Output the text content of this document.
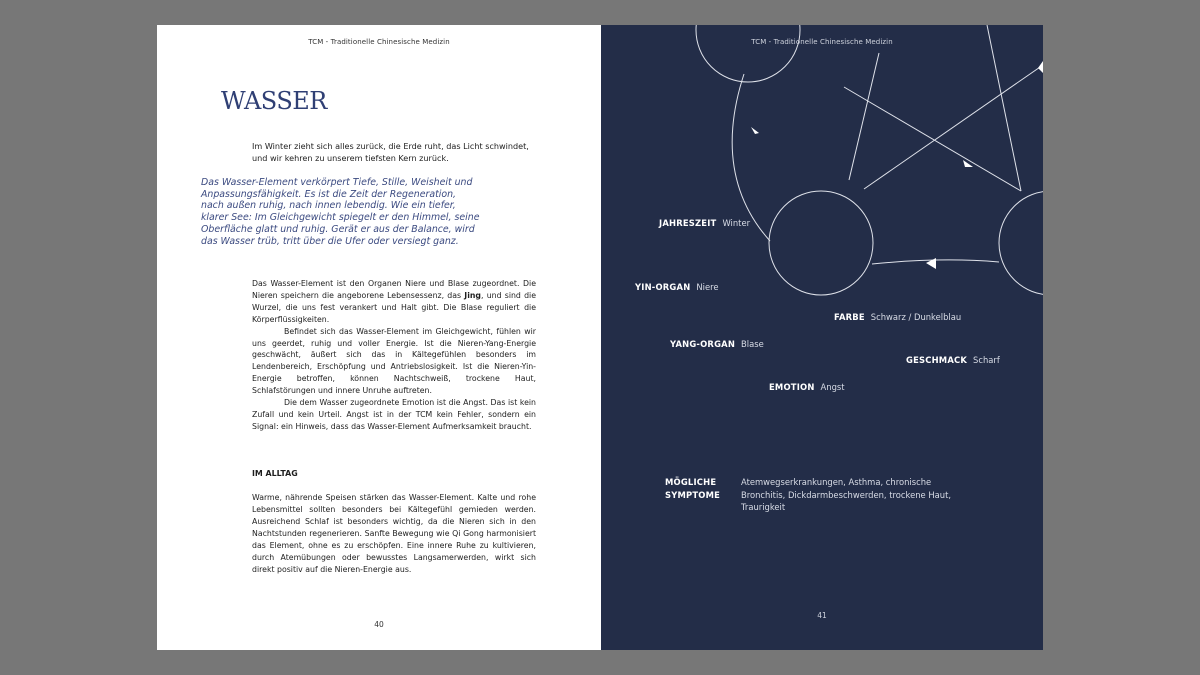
TCM - Traditionelle Chinesische Medizin
WASSER

Im Winter zieht sich alles zurück, die Erde ruht, das Licht schwindet, und wir kehren zu unserem tiefsten Kern zurück.

Das Wasser-Element verkörpert Tiefe, Stille, Weisheit und Anpassungsfähigkeit. Es ist die Zeit der Regeneration, nach außen ruhig, nach innen lebendig. Wie ein tiefer, klarer See: Im Gleichgewicht spiegelt er den Himmel, seine Oberfläche glatt und ruhig. Gerät er aus der Balance, wird das Wasser trüb, tritt über die Ufer oder versiegt ganz.

Das Wasser-Element ist den Organen Niere und Blase zugeordnet. Die Nieren speichern die angeborene Lebensessenz, das Jing, und sind die Wurzel, die uns fest verankert und Halt gibt. Die Blase reguliert die Körperflüssigkeiten.

Befindet sich das Wasser-Element im Gleichgewicht, fühlen wir uns geerdet, ruhig und voller Energie. Ist die Nieren-Yang-Energie geschwächt, äußert sich das in Kältegefühlen besonders im Lendenbereich, Erschöpfung und Antriebslosigkeit. Ist die Nieren-Yin-Energie betroffen, können Nachtschweiß, trockene Haut, Schlafstörungen und innere Unruhe auftreten.

Die dem Wasser zugeordnete Emotion ist die Angst. Das ist kein Zufall und kein Urteil. Angst ist in der TCM kein Fehler, sondern ein Signal: ein Hinweis, dass das Wasser-Element Aufmerksamkeit braucht.

IM ALLTAG

Warme, nährende Speisen stärken das Wasser-Element. Kalte und rohe Lebensmittel sollten besonders bei Kältegefühl gemieden werden. Ausreichend Schlaf ist besonders wichtig, da die Nieren sich in den Nachtstunden regenerieren. Sanfte Bewegung wie Qi Gong harmonisiert das Element, ohne es zu erschöpfen. Eine innere Ruhe zu kultivieren, durch Atemübungen oder bewusstes Langsamerwerden, wirkt sich direkt positiv auf die Nieren-Energie aus.

40
TCM - Traditionelle Chinesische Medizin
JAHRESZEIT Winter
YIN-ORGAN Niere
FARBE Schwarz / Dunkelblau
YANG-ORGAN Blase
GESCHMACK Scharf
EMOTION Angst
MÖGLICHE
SYMPTOME

Atemwegserkrankungen, Asthma, chronische Bronchitis, Dickdarmbeschwerden, trockene Haut, Traurigkeit

41
